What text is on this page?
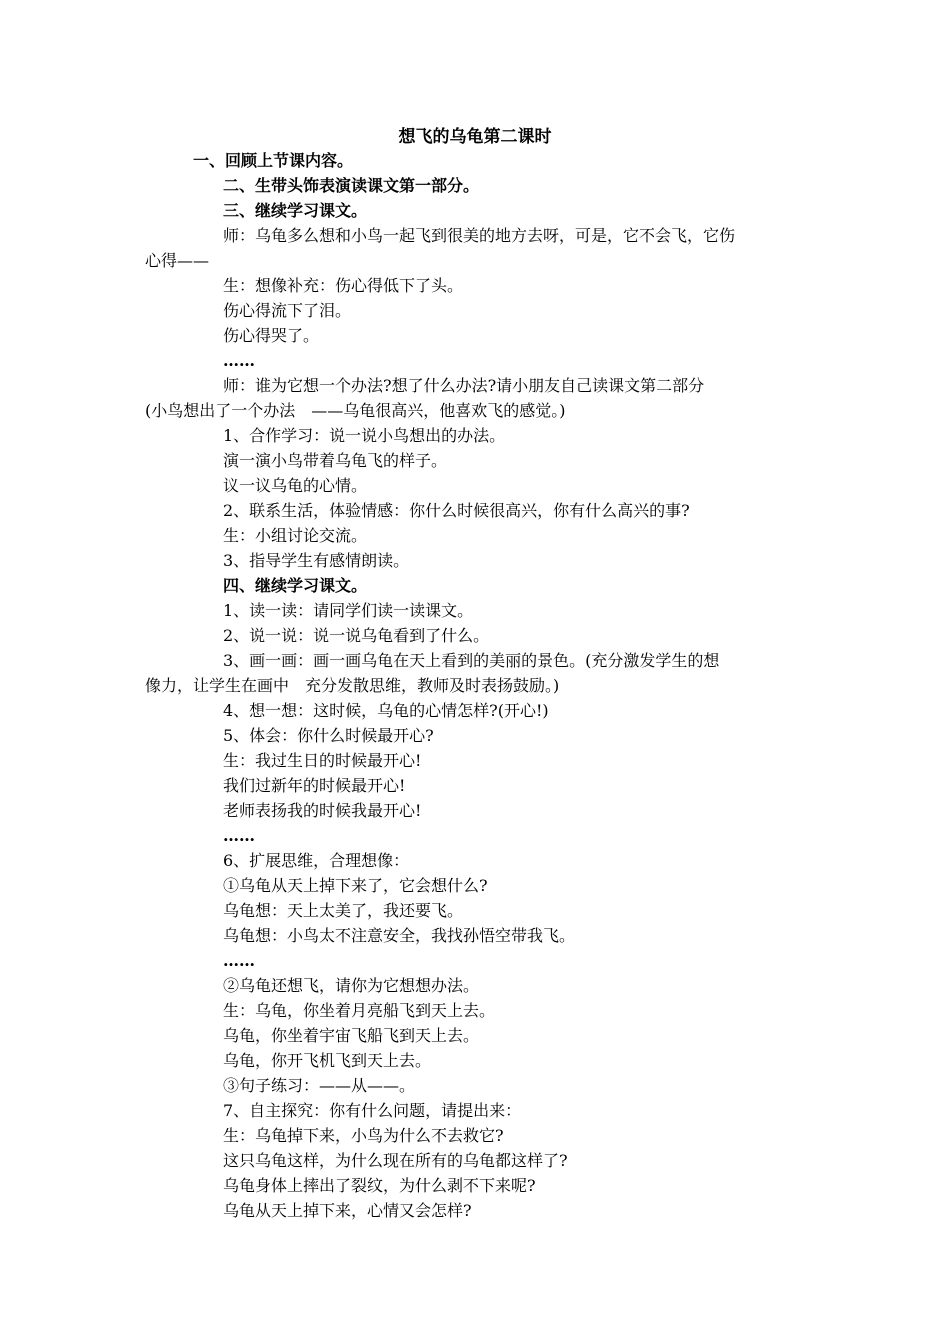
想飞的乌龟第二课时
一、回顾上节课内容。
二、生带头饰表演读课文第一部分。
三、继续学习课文。
师：乌龟多么想和小鸟一起飞到很美的地方去呀，可是，它不会飞，它伤
心得——
生：想像补充：伤心得低下了头。
伤心得流下了泪。
伤心得哭了。
……
师：谁为它想一个办法?想了什么办法?请小朋友自己读课文第二部分
(小鸟想出了一个办法　——乌龟很高兴，他喜欢飞的感觉。)
1、合作学习：说一说小鸟想出的办法。
演一演小鸟带着乌龟飞的样子。
议一议乌龟的心情。
2、联系生活，体验情感：你什么时候很高兴，你有什么高兴的事?
生：小组讨论交流。
3、指导学生有感情朗读。
四、继续学习课文。
1、读一读：请同学们读一读课文。
2、说一说：说一说乌龟看到了什么。
3、画一画：画一画乌龟在天上看到的美丽的景色。(充分激发学生的想
像力，让学生在画中　充分发散思维，教师及时表扬鼓励。)
4、想一想：这时候，乌龟的心情怎样?(开心!)
5、体会：你什么时候最开心?
生：我过生日的时候最开心!
我们过新年的时候最开心!
老师表扬我的时候我最开心!
……
6、扩展思维，合理想像：
①乌龟从天上掉下来了，它会想什么?
乌龟想：天上太美了，我还要飞。
乌龟想：小鸟太不注意安全，我找孙悟空带我飞。
……
②乌龟还想飞，请你为它想想办法。
生：乌龟，你坐着月亮船飞到天上去。
乌龟，你坐着宇宙飞船飞到天上去。
乌龟，你开飞机飞到天上去。
③句子练习：——从——。
7、自主探究：你有什么问题，请提出来：
生：乌龟掉下来，小鸟为什么不去救它?
这只乌龟这样，为什么现在所有的乌龟都这样了?
乌龟身体上摔出了裂纹，为什么剥不下来呢?
乌龟从天上掉下来，心情又会怎样?
